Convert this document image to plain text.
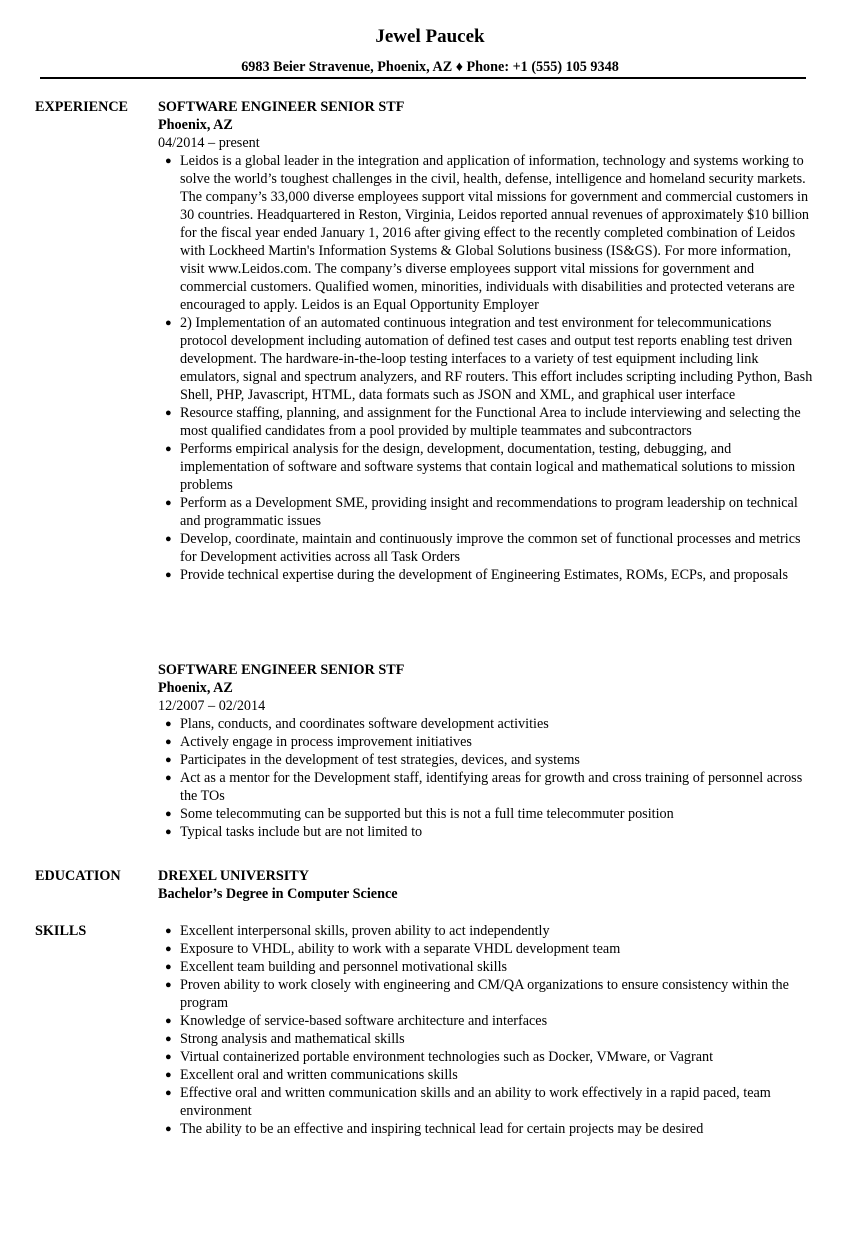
Jewel Paucek
6983 Beier Stravenue, Phoenix, AZ ♦ Phone: +1 (555) 105 9348
EXPERIENCE SOFTWARE ENGINEER SENIOR STF
Phoenix, AZ
04/2014 – present
● Leidos is a global leader in the integration and application of information, technology and systems working to solve the world’s toughest challenges in the civil, health, defense, intelligence and homeland security markets. The company’s 33,000 diverse employees support vital missions for government and commercial customers in 30 countries. Headquartered in Reston, Virginia, Leidos reported annual revenues of approximately $10 billion for the fiscal year ended January 1, 2016 after giving effect to the recently completed combination of Leidos with Lockheed Martin's Information Systems & Global Solutions business (IS&GS). For more information, visit www.Leidos.com. The company’s diverse employees support vital missions for government and commercial customers. Qualified women, minorities, individuals with disabilities and protected veterans are encouraged to apply. Leidos is an Equal Opportunity Employer
● 2) Implementation of an automated continuous integration and test environment for telecommunications protocol development including automation of defined test cases and output test reports enabling test driven development. The hardware-in-the-loop testing interfaces to a variety of test equipment including link emulators, signal and spectrum analyzers, and RF routers. This effort includes scripting including Python, Bash Shell, PHP, Javascript, HTML, data formats such as JSON and XML, and graphical user interface
● Resource staffing, planning, and assignment for the Functional Area to include interviewing and selecting the most qualified candidates from a pool provided by multiple teammates and subcontractors
● Performs empirical analysis for the design, development, documentation, testing, debugging, and implementation of software and software systems that contain logical and mathematical solutions to mission problems
● Perform as a Development SME, providing insight and recommendations to program leadership on technical and programmatic issues
● Develop, coordinate, maintain and continuously improve the common set of functional processes and metrics for Development activities across all Task Orders
● Provide technical expertise during the development of Engineering Estimates, ROMs, ECPs, and proposals
SOFTWARE ENGINEER SENIOR STF
Phoenix, AZ
12/2007 – 02/2014
● Plans, conducts, and coordinates software development activities
● Actively engage in process improvement initiatives
● Participates in the development of test strategies, devices, and systems
● Act as a mentor for the Development staff, identifying areas for growth and cross training of personnel across the TOs
● Some telecommuting can be supported but this is not a full time telecommuter position
● Typical tasks include but are not limited to
EDUCATION	DREXEL UNIVERSITY
Bachelor’s Degree in Computer Science
SKILLS	● Excellent interpersonal skills, proven ability to act independently
● Exposure to VHDL, ability to work with a separate VHDL development team
● Excellent team building and personnel motivational skills
● Proven ability to work closely with engineering and CM/QA organizations to ensure consistency within the program
● Knowledge of service-based software architecture and interfaces
● Strong analysis and mathematical skills
● Virtual containerized portable environment technologies such as Docker, VMware, or Vagrant
● Excellent oral and written communications skills
● Effective oral and written communication skills and an ability to work effectively in a rapid paced, team environment
● The ability to be an effective and inspiring technical lead for certain projects may be desired
